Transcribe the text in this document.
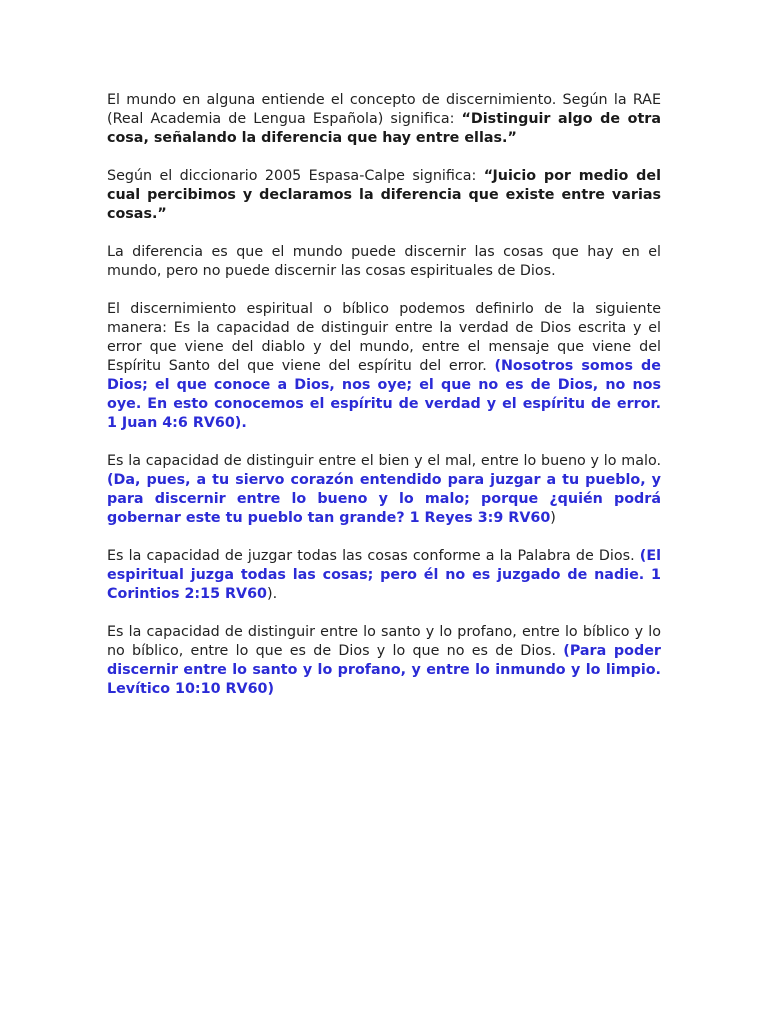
El mundo en alguna entiende el concepto de discernimiento. Según la RAE (Real Academia de Lengua Española) significa: “Distinguir algo de otra cosa, señalando la diferencia que hay entre ellas.”

Según el diccionario 2005 Espasa-Calpe significa: “Juicio por medio del cual percibimos y declaramos la diferencia que existe entre varias cosas.”

La diferencia es que el mundo puede discernir las cosas que hay en el mundo, pero no puede discernir las cosas espirituales de Dios.

El discernimiento espiritual o bíblico podemos definirlo de la siguiente manera: Es la capacidad de distinguir entre la verdad de Dios escrita y el error que viene del diablo y del mundo, entre el mensaje que viene del Espíritu Santo del que viene del espíritu del error. (Nosotros somos de Dios; el que conoce a Dios, nos oye; el que no es de Dios, no nos oye. En esto conocemos el espíritu de verdad y el espíritu de error. 1 Juan 4:6 RV60).

Es la capacidad de distinguir entre el bien y el mal, entre lo bueno y lo malo. (Da, pues, a tu siervo corazón entendido para juzgar a tu pueblo, y para discernir entre lo bueno y lo malo; porque ¿quién podrá gobernar este tu pueblo tan grande? 1 Reyes 3:9 RV60)

Es la capacidad de juzgar todas las cosas conforme a la Palabra de Dios. (El espiritual juzga todas las cosas; pero él no es juzgado de nadie. 1 Corintios 2:15 RV60).

Es la capacidad de distinguir entre lo santo y lo profano, entre lo bíblico y lo no bíblico, entre lo que es de Dios y lo que no es de Dios. (Para poder discernir entre lo santo y lo profano, y entre lo inmundo y lo limpio. Levítico 10:10 RV60)
